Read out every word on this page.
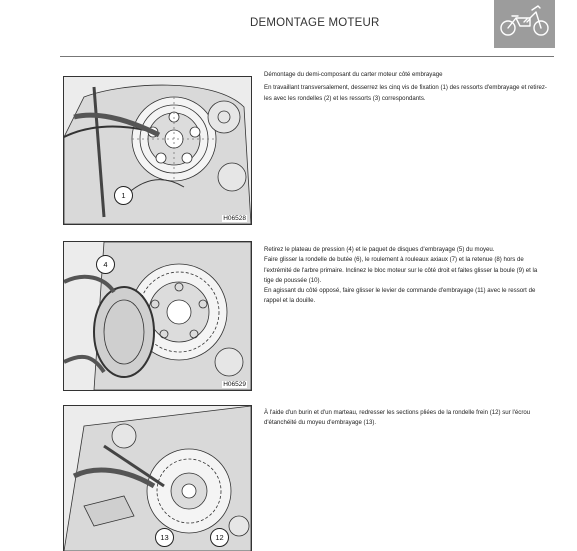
DEMONTAGE MOTEUR
H06528
1

Démontage du demi-composant du carter moteur côté embrayage

En travaillant transversalement, desserrez les cinq vis de fixation (1) des ressorts d'embrayage et retirez-les avec les rondelles (2) et les ressorts (3) correspondants.

H06529
4

Retirez le plateau de pression (4) et le paquet de disques d'embrayage (5) du moyeu.

Faire glisser la rondelle de butée (6), le roulement à rouleaux axiaux (7) et la retenue (8) hors de l'extrémité de l'arbre primaire. Inclinez le bloc moteur sur le côté droit et faites glisser la boule (9) et la tige de poussée (10).

En agissant du côté opposé, faire glisser le levier de commande d'embrayage (11) avec le ressort de rappel et la douille.

13	12

À l'aide d'un burin et d'un marteau, redresser les sections pliées de la rondelle frein (12) sur l'écrou d'étanchéité du moyeu d'embrayage (13).
